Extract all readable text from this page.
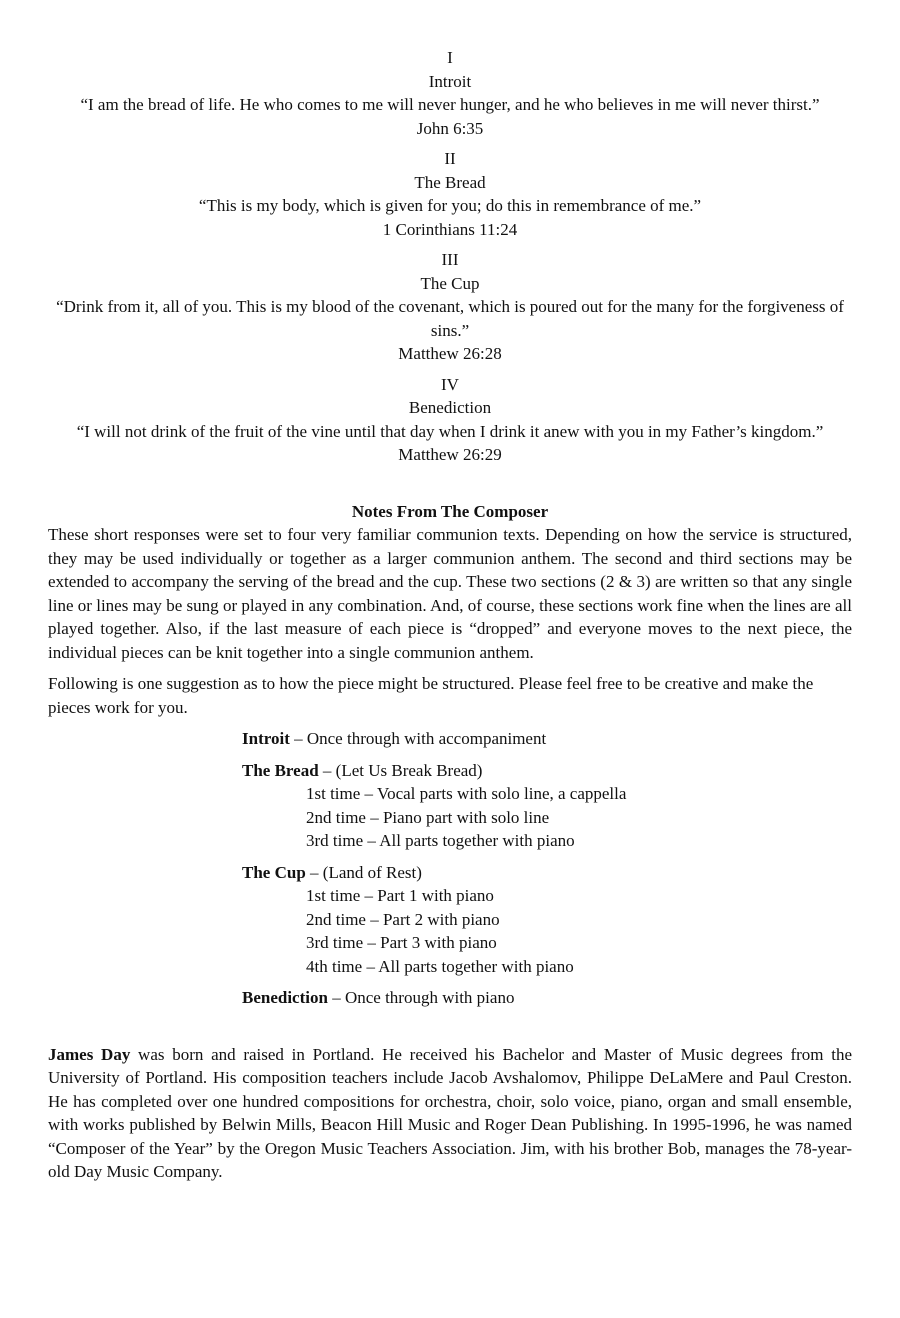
I
Introit
“I am the bread of life. He who comes to me will never hunger, and he who believes in me will never thirst.”
John 6:35
II
The Bread
“This is my body, which is given for you; do this in remembrance of me.”
1 Corinthians 11:24
III
The Cup
“Drink from it, all of you. This is my blood of the covenant, which is poured out for the many for the forgiveness of sins.”
Matthew 26:28
IV
Benediction
“I will not drink of the fruit of the vine until that day when I drink it anew with you in my Father’s kingdom.”
Matthew 26:29
Notes From The Composer

These short responses were set to four very familiar communion texts. Depending on how the service is structured, they may be used individually or together as a larger communion anthem. The second and third sections may be extended to accompany the serving of the bread and the cup. These two sections (2 & 3) are written so that any single line or lines may be sung or played in any combination. And, of course, these sections work fine when the lines are all played together. Also, if the last measure of each piece is “dropped” and everyone moves to the next piece, the individual pieces can be knit together into a single communion anthem.

Following is one suggestion as to how the piece might be structured. Please feel free to be creative and make the pieces work for you.

Introit – Once through with accompaniment
The Bread – (Let Us Break Bread)
1st time – Vocal parts with solo line, a cappella
2nd time – Piano part with solo line
3rd time – All parts together with piano
The Cup – (Land of Rest)
1st time – Part 1 with piano
2nd time – Part 2 with piano
3rd time – Part 3 with piano
4th time – All parts together with piano
Benediction – Once through with piano

James Day was born and raised in Portland. He received his Bachelor and Master of Music degrees from the University of Portland. His composition teachers include Jacob Avshalomov, Philippe DeLaMere and Paul Creston. He has completed over one hundred compositions for orchestra, choir, solo voice, piano, organ and small ensemble, with works published by Belwin Mills, Beacon Hill Music and Roger Dean Publishing. In 1995-1996, he was named “Composer of the Year” by the Oregon Music Teachers Association. Jim, with his brother Bob, manages the 78-year-old Day Music Company.
